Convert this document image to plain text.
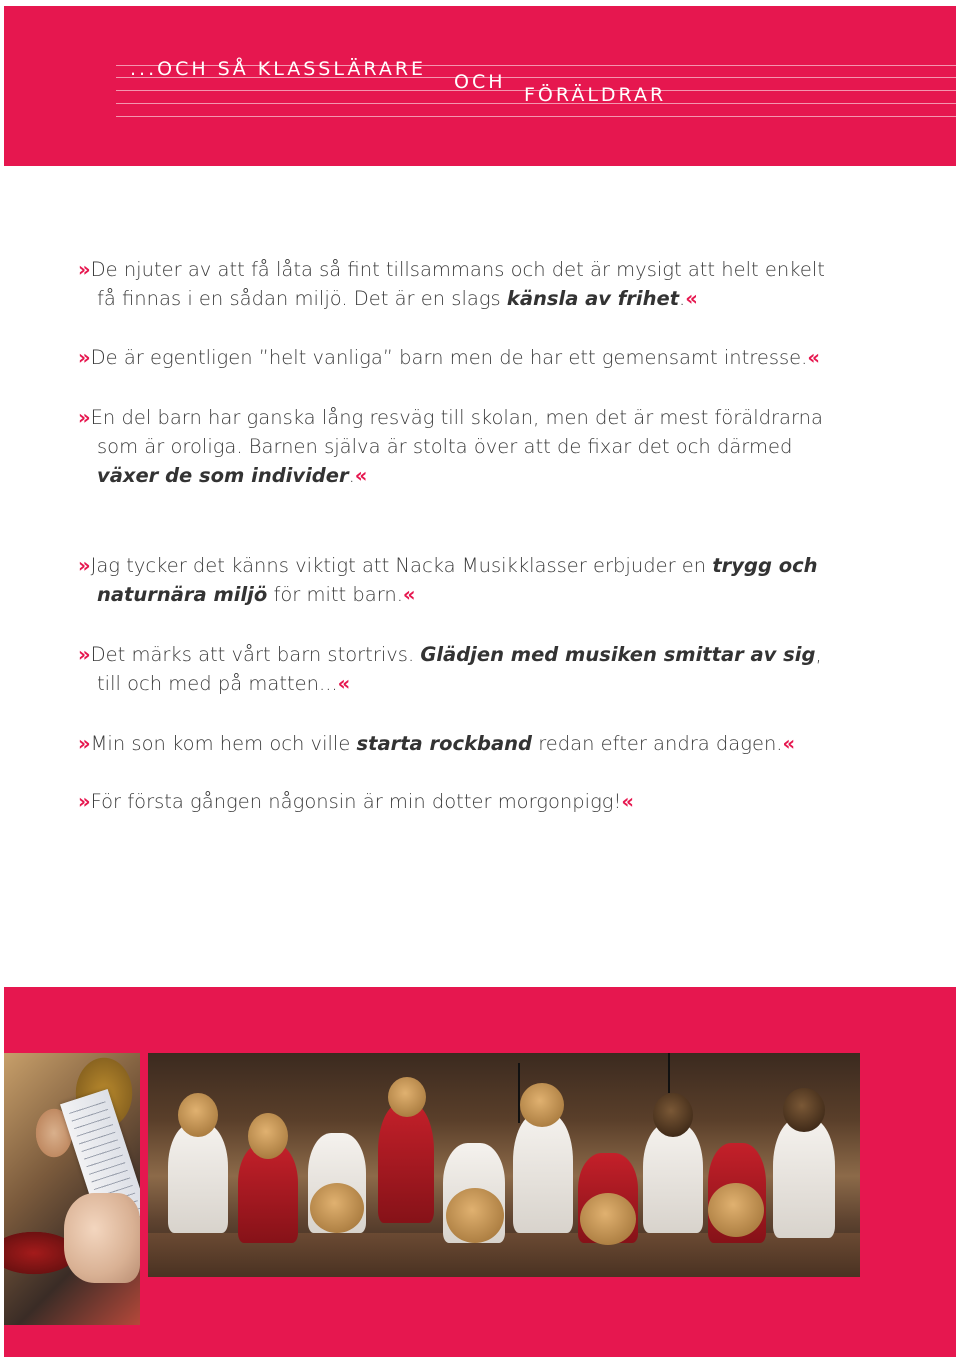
...OCH SÅ KLASSLÄRARE
OCH
FÖRÄLDRAR
»De njuter av att få låta så fint tillsammans och det är mysigt att helt enkelt
få finnas i en sådan miljö. Det är en slags känsla av frihet.«
»De är egentligen ”helt vanliga” barn men de har ett gemensamt intresse.«
»En del barn har ganska lång resväg till skolan, men det är mest föräldrarna
som är oroliga. Barnen själva är stolta över att de fixar det och därmed
växer de som individer.«
»Jag tycker det känns viktigt att Nacka Musikklasser erbjuder en trygg och
naturnära miljö för mitt barn.«
»Det märks att vårt barn stortrivs. Glädjen med musiken smittar av sig,
till och med på matten...«
»Min son kom hem och ville starta rockband redan efter andra dagen.«
»För första gången någonsin är min dotter morgonpigg!«
